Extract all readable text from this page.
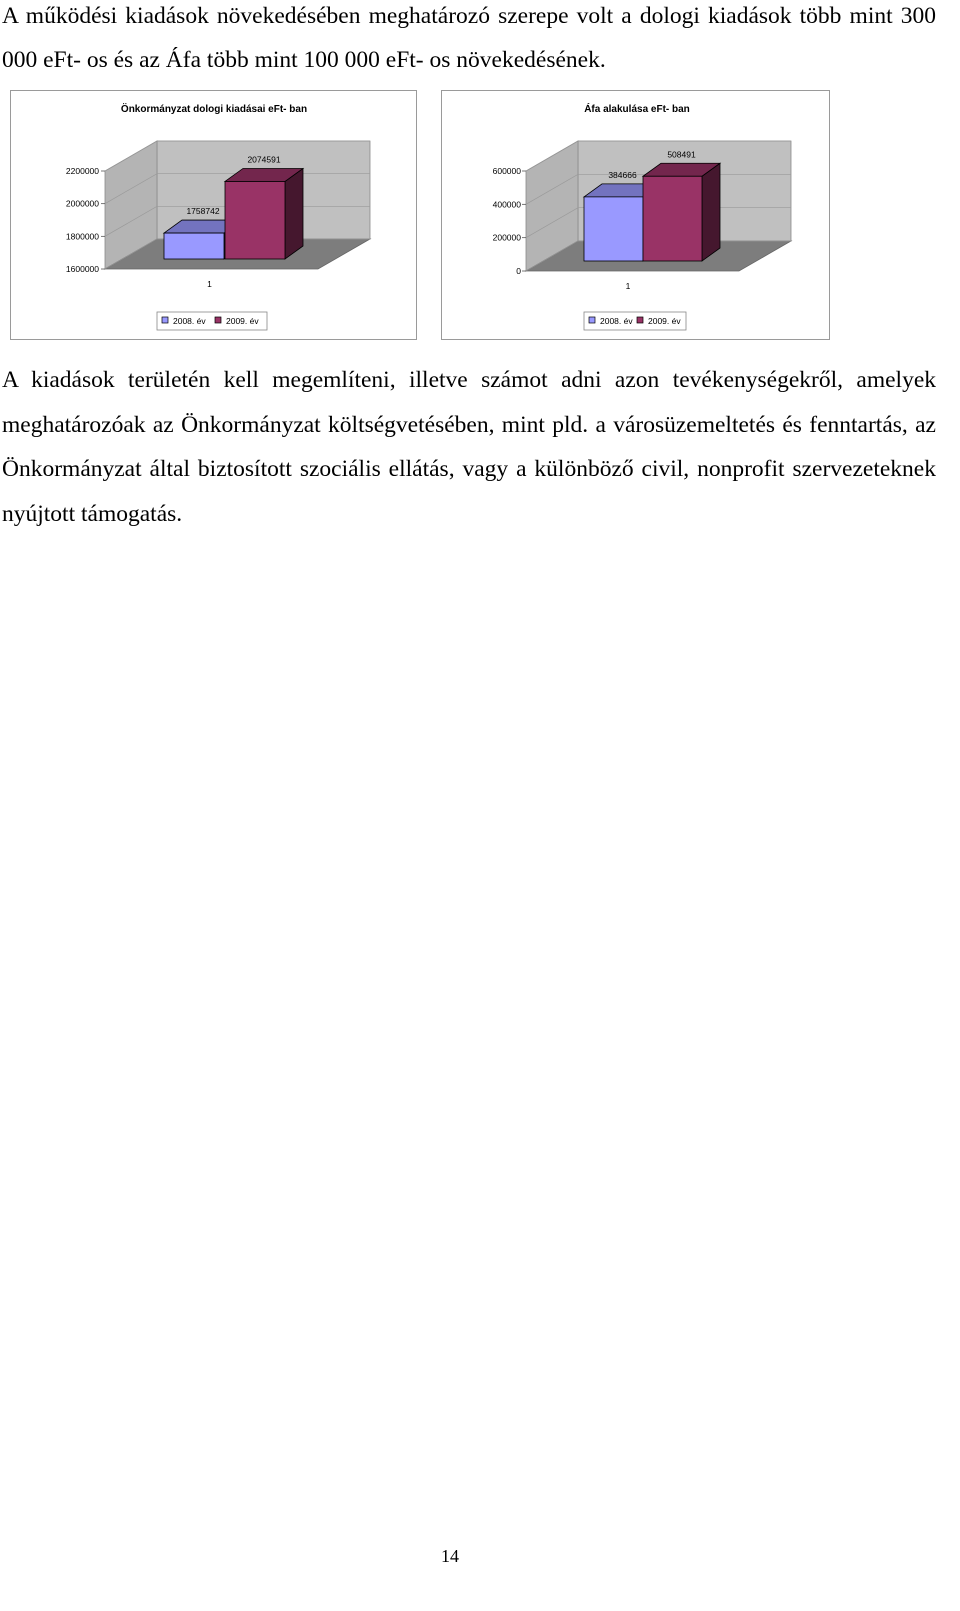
A működési kiadások növekedésében meghatározó szerepe volt a dologi kiadások több mint 300 000 eFt- os és az Áfa több mint 100 000 eFt- os növekedésének.

Önkormányzat dologi kiadásai eFt- ban
1600000
1800000
2000000
2200000
1758742
2074591
1
2008. év 2009. év
Áfa alakulása eFt- ban
0
200000
400000
600000	384666
508491
1
2008. év 2009. év

A kiadások területén kell megemlíteni, illetve számot adni azon tevékenységekről, amelyek meghatározóak az Önkormányzat költségvetésében, mint pld. a városüzemeltetés és fenntartás, az Önkormányzat által biztosított szociális ellátás, vagy a különböző civil, nonprofit szervezeteknek nyújtott támogatás.

14
